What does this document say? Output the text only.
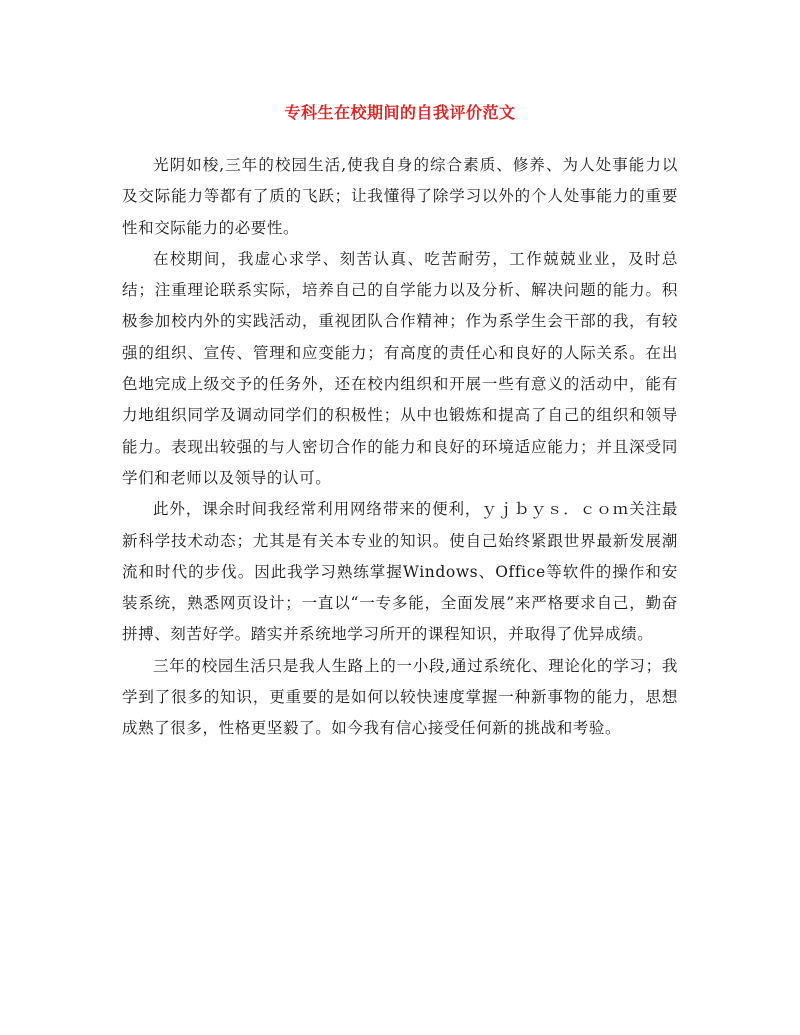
专科生在校期间的自我评价范文

光阴如梭,三年的校园生活,使我自身的综合素质、修养、为人处事能力以及交际能力等都有了质的飞跃；让我懂得了除学习以外的个人处事能力的重要性和交际能力的必要性。

在校期间，我虚心求学、刻苦认真、吃苦耐劳，工作兢兢业业，及时总结；注重理论联系实际，培养自己的自学能力以及分析、解决问题的能力。积极参加校内外的实践活动，重视团队合作精神；作为系学生会干部的我，有较强的组织、宣传、管理和应变能力；有高度的责任心和良好的人际关系。在出色地完成上级交予的任务外，还在校内组织和开展一些有意义的活动中，能有力地组织同学及调动同学们的积极性；从中也锻炼和提高了自己的组织和领导能力。表现出较强的与人密切合作的能力和良好的环境适应能力；并且深受同学们和老师以及领导的认可。

此外，课余时间我经常利用网络带来的便利，ｙｊｂｙｓ．ｃｏｍ关注最新科学技术动态；尤其是有关本专业的知识。使自己始终紧跟世界最新发展潮流和时代的步伐。因此我学习熟练掌握Windows、Office等软件的操作和安装系统，熟悉网页设计；一直以“一专多能，全面发展”来严格要求自己，勤奋拼搏、刻苦好学。踏实并系统地学习所开的课程知识，并取得了优异成绩。

三年的校园生活只是我人生路上的一小段,通过系统化、理论化的学习；我学到了很多的知识，更重要的是如何以较快速度掌握一种新事物的能力，思想成熟了很多，性格更坚毅了。如今我有信心接受任何新的挑战和考验。
